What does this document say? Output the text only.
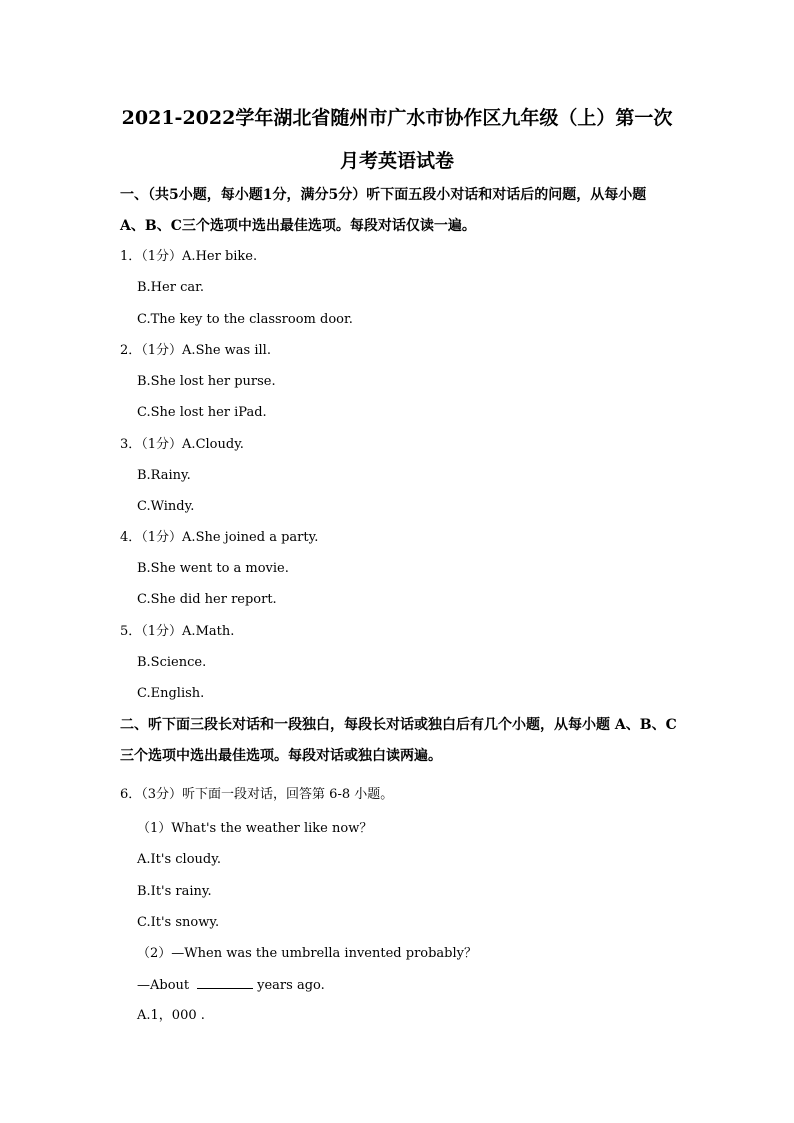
2021-2022学年湖北省随州市广水市协作区九年级（上）第一次
月考英语试卷
一、（共5小题，每小题1分，满分5分）听下面五段小对话和对话后的问题，从每小题
A、B、C三个选项中选出最佳选项。每段对话仅读一遍。
1．（1分）A.Her bike.
B.Her car.
C.The key to the classroom door.
2．（1分）A.She was ill.
B.She lost her purse.
C.She lost her iPad.
3．（1分）A.Cloudy.
B.Rainy.
C.Windy.
4．（1分）A.She joined a party.
B.She went to a movie.
C.She did her report.
5．（1分）A.Math.
B.Science.
C.English.
二、听下面三段长对话和一段独白，每段长对话或独白后有几个小题，从每小题 A、B、C
三个选项中选出最佳选项。每段对话或独白读两遍。
6．（3分）听下面一段对话，回答第 6-8 小题。
（1）What's the weather like now？
A.It's cloudy.
B.It's rainy.
C.It's snowy.
（2）—When was the umbrella invented probably？
—About	years ago.
A.1，000 .
